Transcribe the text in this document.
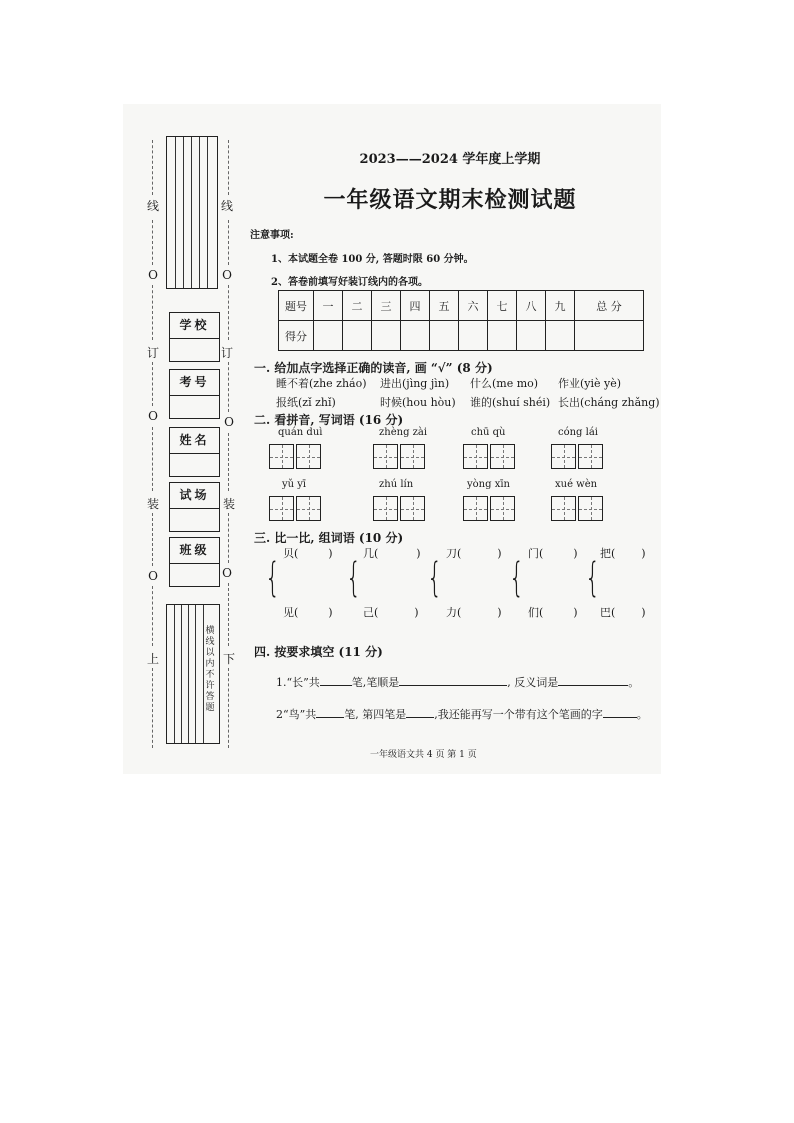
线
O
订
O
装
O
上
线
O
订
O
装
O
下
学校
考号
姓名
试场
班级
横
线
以
内
不
许
答
题
2023——2024 学年度上学期
一年级语文期末检测试题
注意事项:
1、本试题全卷 100 分, 答题时限 60 分钟。
2、答卷前填写好装订线内的各项。
题号	一	二	三	四	五	六	七	八	九	总 分
得分										
一. 给加点字选择正确的读音, 画 “√” (8 分)
睡不着(zhe zháo) 进出(jìng jìn) 什么(me mo) 作业(yiè yè)
报纸(zǐ zhǐ)	时候(hou hòu) 谁的(shuí shéi) 长出(cháng zhǎng)
二. 看拼音, 写词语 (16 分)
quán duì	zhèng zài	chū qù	cóng lái
yǔ yī	zhú lín	yòng xīn	xué wèn
三. 比一比, 组词语 (10 分)
{ { { { {
贝(	)	几(	) 刀(	) 门(	) 把( )
见(	)	己(	) 力(	) 们(	) 巴( )
四. 按要求填空 (11 分)
1.“长”共	笔,笔顺是	, 反义词是	。
2“鸟”共	笔, 第四笔是	,我还能再写一个带有这个笔画的字	。
一年级语文共 4 页 第 1 页
